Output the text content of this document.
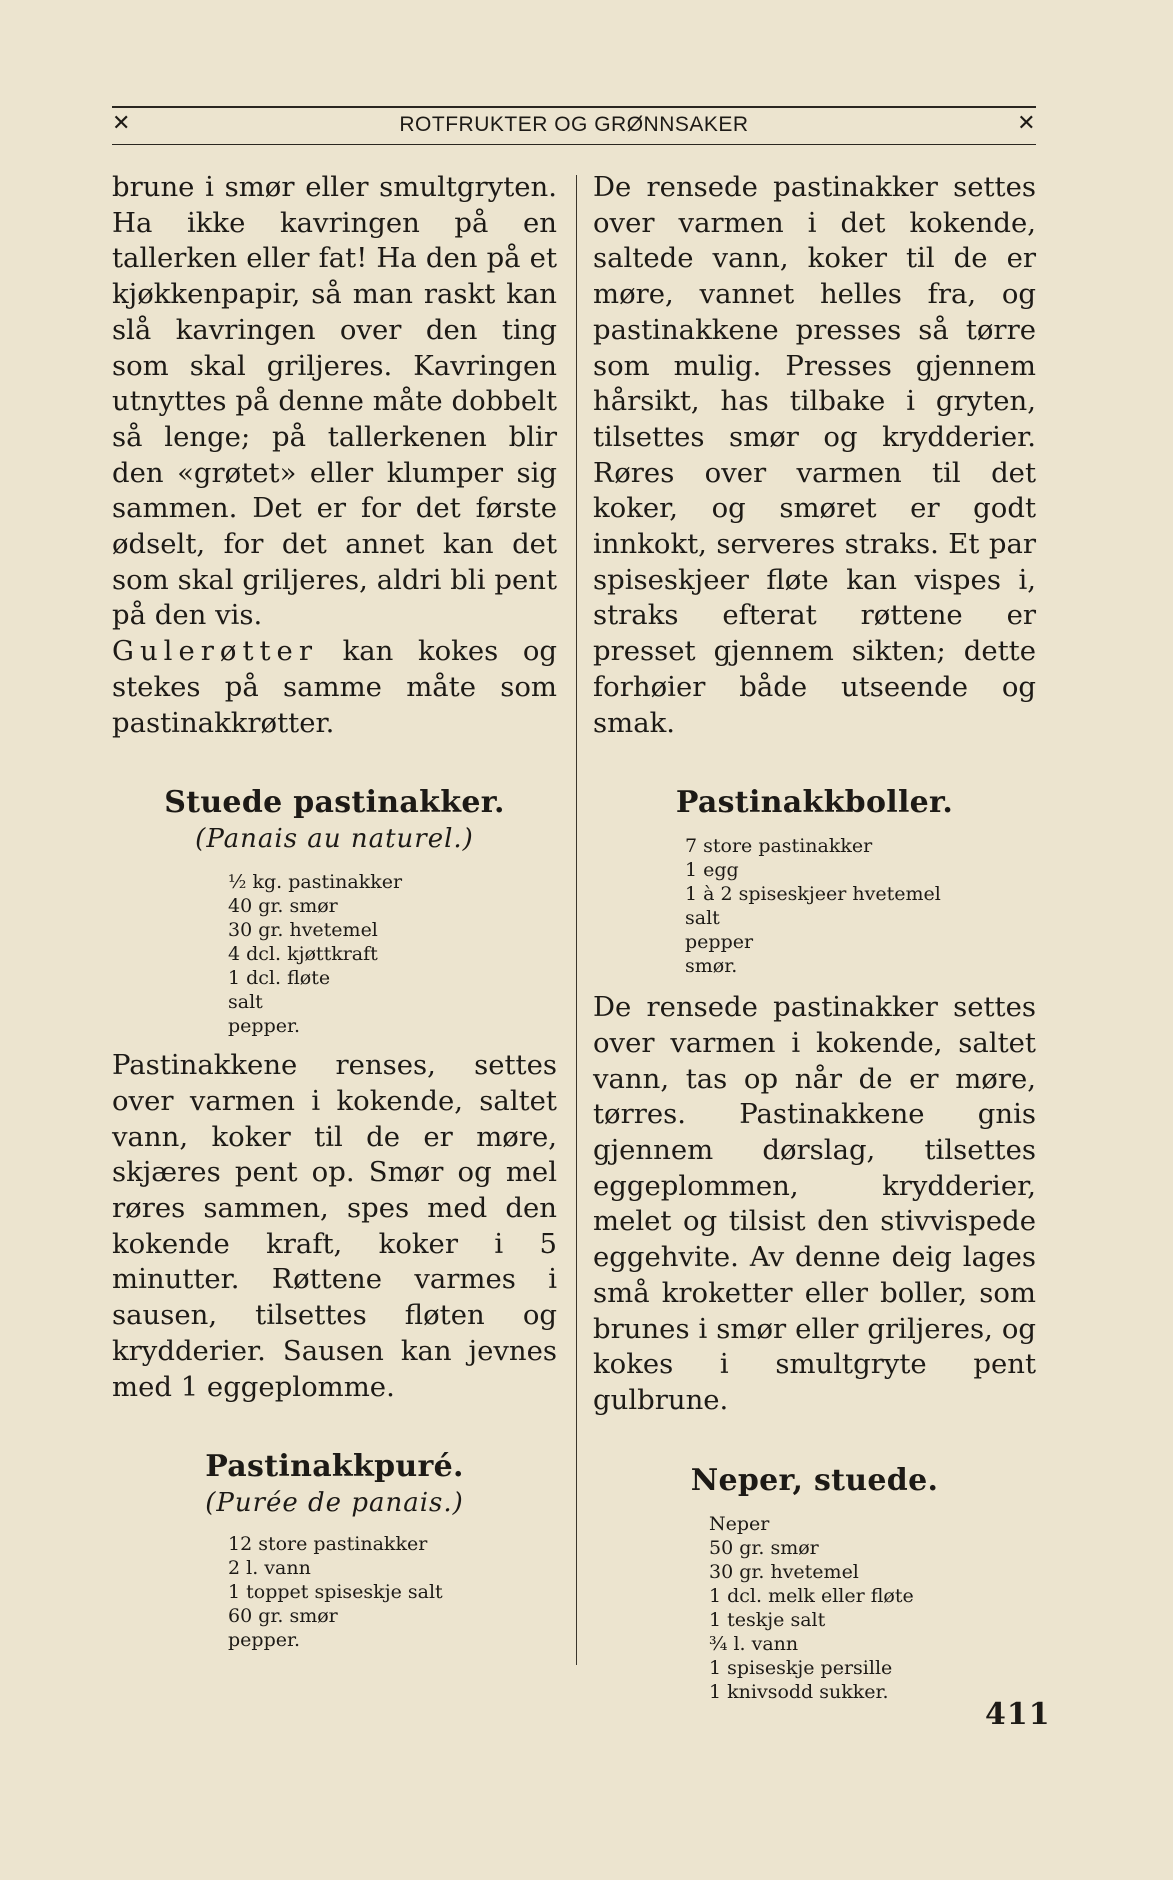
✕	ROTFRUKTER OG GRØNNSAKER	✕

brune i smør eller smultgryten. Ha ikke kavringen på en tallerken eller fat! Ha den på et kjøkkenpapir, så man raskt kan slå kavringen over den ting som skal griljeres. Kavringen utnyttes på denne måte dobbelt så lenge; på tallerkenen blir den «grøtet» eller klumper sig sammen. Det er for det første ødselt, for det annet kan det som skal griljeres, aldri bli pent på den vis.

Gulerøtter kan kokes og stekes på samme måte som pastinakkrøtter.

Stuede pastinakker.
(Panais au naturel.)
½ kg. pastinakker
40 gr. smør
30 gr. hvetemel
4 dcl. kjøttkraft
1 dcl. fløte
salt
pepper.

Pastinakkene renses, settes over varmen i kokende, saltet vann, koker til de er møre, skjæres pent op. Smør og mel røres sammen, spes med den kokende kraft, koker i 5 minutter. Røttene varmes i sausen, tilsettes fløten og krydderier. Sausen kan jevnes med 1 eggeplomme.

Pastinakkpuré.
(Purée de panais.)
12 store pastinakker
2 l. vann
1 toppet spiseskje salt
60 gr. smør
pepper.

De rensede pastinakker settes over varmen i det kokende, saltede vann, koker til de er møre, vannet helles fra, og pastinakkene presses så tørre som mulig. Presses gjennem hårsikt, has tilbake i gryten, tilsettes smør og krydderier. Røres over varmen til det koker, og smøret er godt innkokt, serveres straks. Et par spiseskjeer fløte kan vispes i, straks efterat røttene er presset gjennem sikten; dette forhøier både utseende og smak.

Pastinakkboller.
7 store pastinakker
1 egg
1 à 2 spiseskjeer hvetemel
salt
pepper
smør.

De rensede pastinakker settes over varmen i kokende, saltet vann, tas op når de er møre, tørres. Pastinakkene gnis gjennem dørslag, tilsettes eggeplommen, krydderier, melet og tilsist den stivvispede eggehvite. Av denne deig lages små kroketter eller boller, som brunes i smør eller griljeres, og kokes i smultgryte pent gulbrune.

Neper, stuede.
Neper
50 gr. smør
30 gr. hvetemel
1 dcl. melk eller fløte
1 teskje salt
¾ l. vann
1 spiseskje persille
1 knivsodd sukker.
411
